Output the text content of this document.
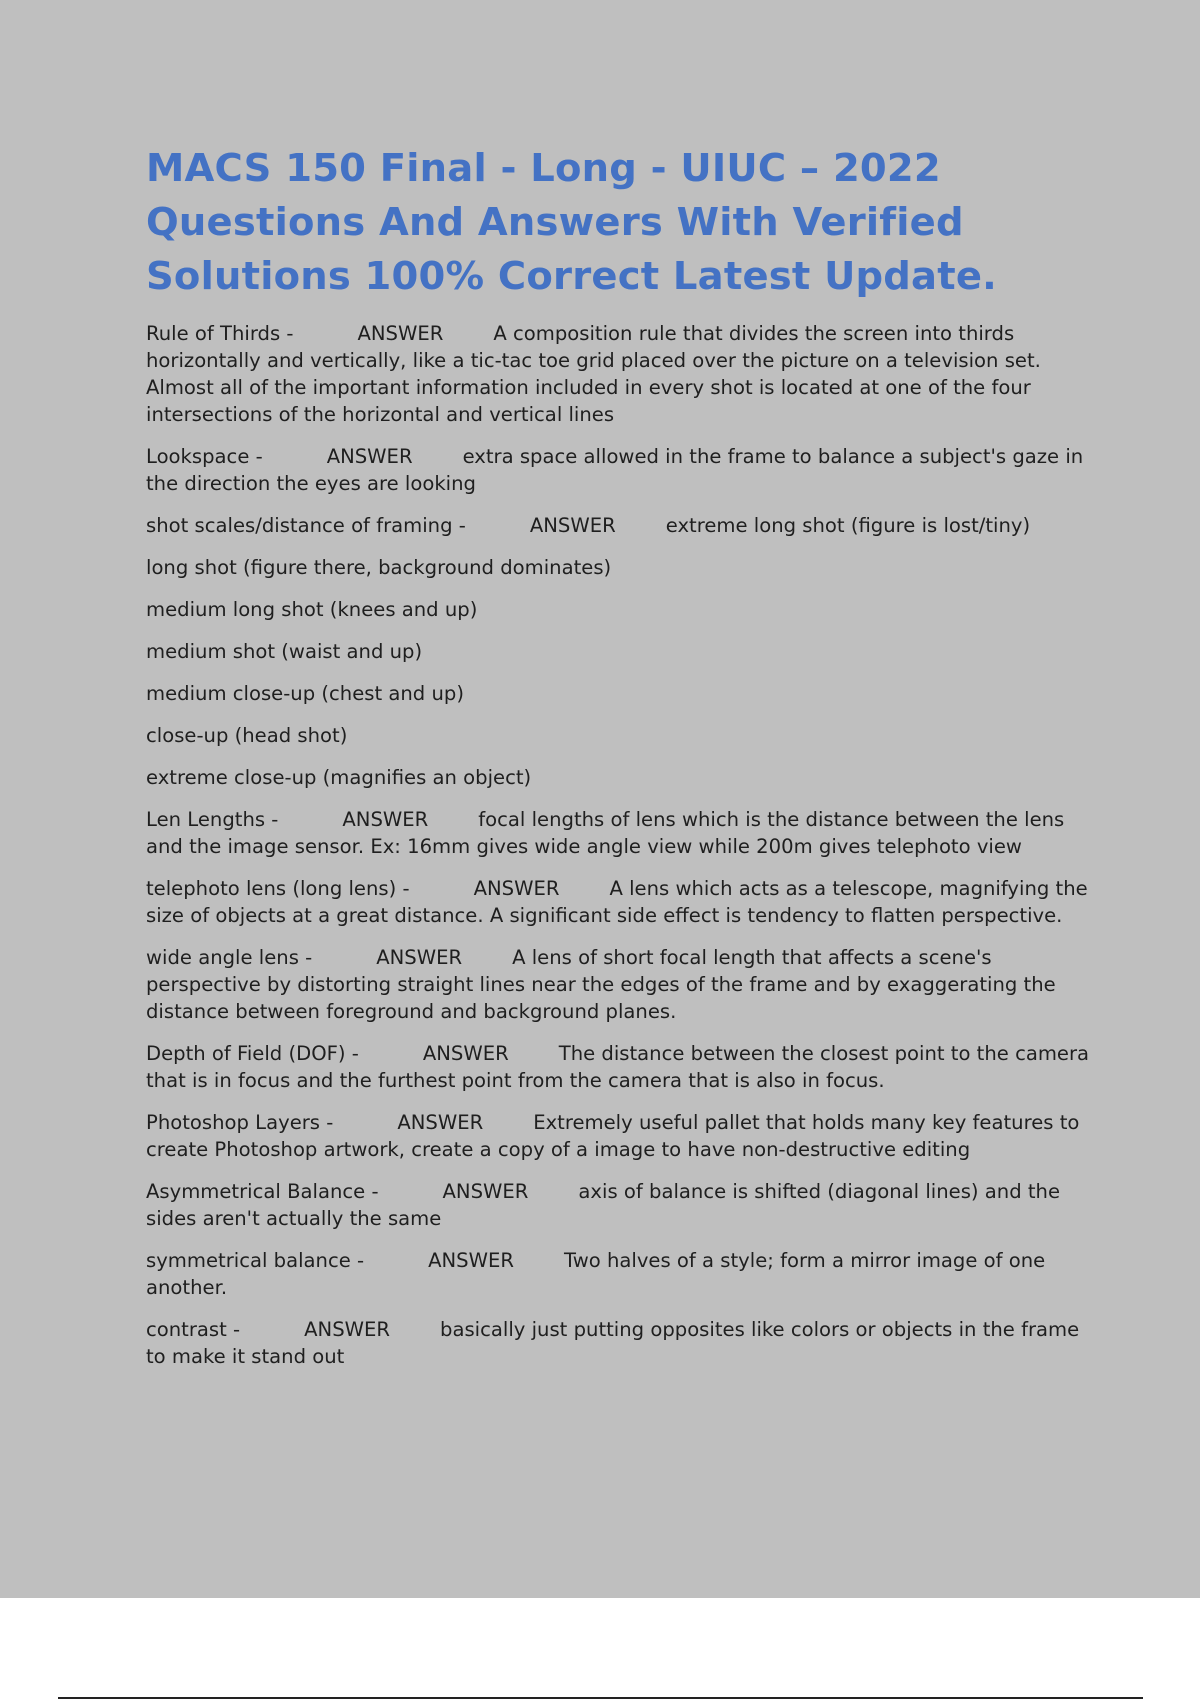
MACS 150 Final - Long - UIUC – 2022 Questions And Answers With Verified Solutions 100% Correct Latest Update.

Rule of Thirds -	ANSWER	A composition rule that divides the screen into thirds horizontally and vertically, like a tic-tac toe grid placed over the picture on a television set. Almost all of the important information included in every shot is located at one of the four intersections of the horizontal and vertical lines

Lookspace -	ANSWER	extra space allowed in the frame to balance a subject's gaze in the direction the eyes are looking

shot scales/distance of framing -	ANSWER	extreme long shot (figure is lost/tiny)

long shot (figure there, background dominates)

medium long shot (knees and up)

medium shot (waist and up)

medium close-up (chest and up)

close-up (head shot)

extreme close-up (magnifies an object)

Len Lengths -	ANSWER	focal lengths of lens which is the distance between the lens and the image sensor. Ex: 16mm gives wide angle view while 200m gives telephoto view

telephoto lens (long lens) -	ANSWER	A lens which acts as a telescope, magnifying the size of objects at a great distance. A significant side effect is tendency to flatten perspective.

wide angle lens -	ANSWER	A lens of short focal length that affects a scene's perspective by distorting straight lines near the edges of the frame and by exaggerating the distance between foreground and background planes.

Depth of Field (DOF) -	ANSWER	The distance between the closest point to the camera that is in focus and the furthest point from the camera that is also in focus.

Photoshop Layers -	ANSWER	Extremely useful pallet that holds many key features to create Photoshop artwork, create a copy of a image to have non-destructive editing

Asymmetrical Balance -	ANSWER	axis of balance is shifted (diagonal lines) and the sides aren't actually the same

symmetrical balance -	ANSWER	Two halves of a style; form a mirror image of one another.

contrast -	ANSWER	basically just putting opposites like colors or objects in the frame to make it stand out
